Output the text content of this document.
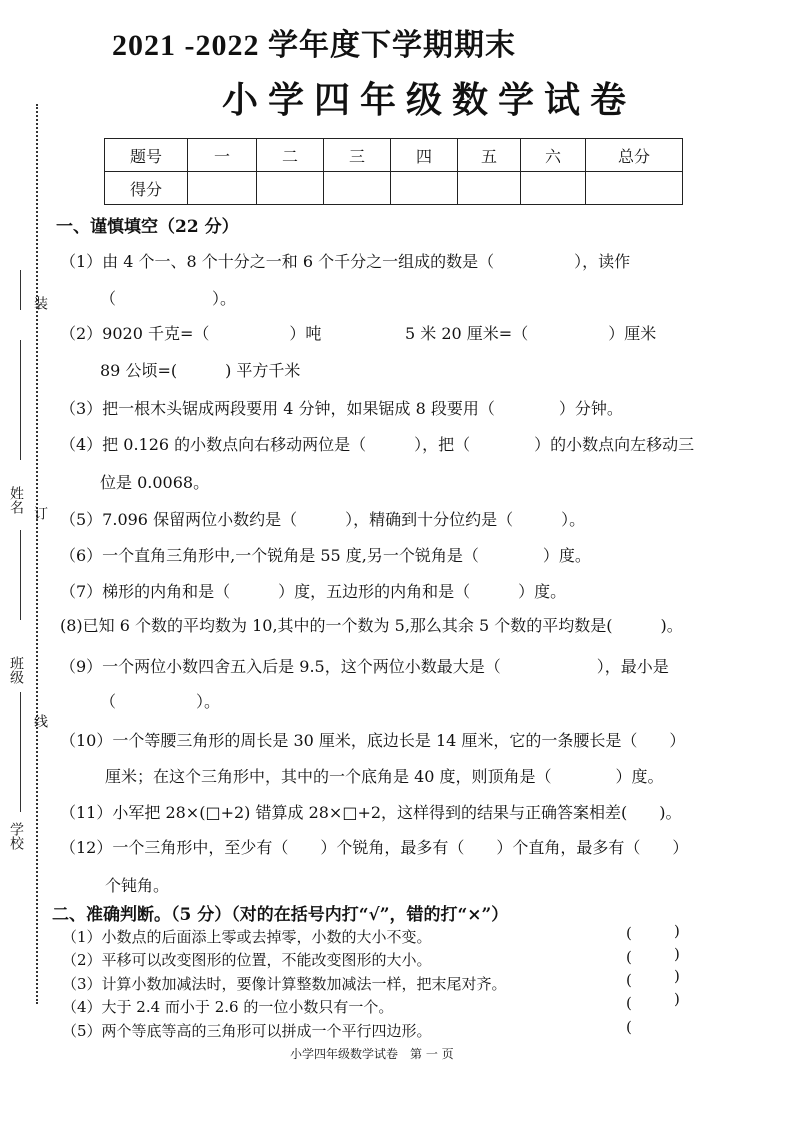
2021 -2022 学年度下学期期末
小学四年级数学试卷
装
订
线
姓名
班级
学校
题号	一	二	三	四	五	六	总分
得分							
一、谨慎填空（22 分）
（1）由 4 个一、8 个十分之一和 6 个千分之一组成的数是（　　　　　），读作
（　　　　　　）。
（2）9020 千克=（　　　　　）吨	5 米 20 厘米=（　　　　　）厘米
89 公顷=(　　　) 平方千米
（3）把一根木头锯成两段要用 4 分钟，如果锯成 8 段要用（　　　　）分钟。
（4）把 0.126 的小数点向右移动两位是（　　　），把（　　　　）的小数点向左移动三
位是 0.0068。
（5）7.096 保留两位小数约是（　　　），精确到十分位约是（　　　）。
（6）一个直角三角形中,一个锐角是 55 度,另一个锐角是（　　　　）度。
（7）梯形的内角和是（　　　）度，五边形的内角和是（　　　）度。
(8)已知 6 个数的平均数为 10,其中的一个数为 5,那么其余 5 个数的平均数是(　　　)。
（9）一个两位小数四舍五入后是 9.5，这个两位小数最大是（　　　　　　），最小是
（　　　　　）。
（10）一个等腰三角形的周长是 30 厘米，底边长是 14 厘米，它的一条腰长是（　　）
厘米；在这个三角形中，其中的一个底角是 40 度，则顶角是（　　　　）度。
（11）小军把 28×(□+2) 错算成 28×□+2，这样得到的结果与正确答案相差(　　)。
（12）一个三角形中，至少有（　　）个锐角，最多有（　　）个直角，最多有（　　）
个钝角。
二、准确判断。（5 分）（对的在括号内打“√”，错的打“×”）
（1）小数点的后面添上零或去掉零，小数的大小不变。
（2）平移可以改变图形的位置，不能改变图形的大小。
（3）计算小数加减法时，要像计算整数加减法一样，把末尾对齐。
（4）大于 2.4 而小于 2.6 的一位小数只有一个。
（5）两个等底等高的三角形可以拼成一个平行四边形。
(	)
(	)
(	)
(	)
(
小学四年级数学试卷　第 一 页
